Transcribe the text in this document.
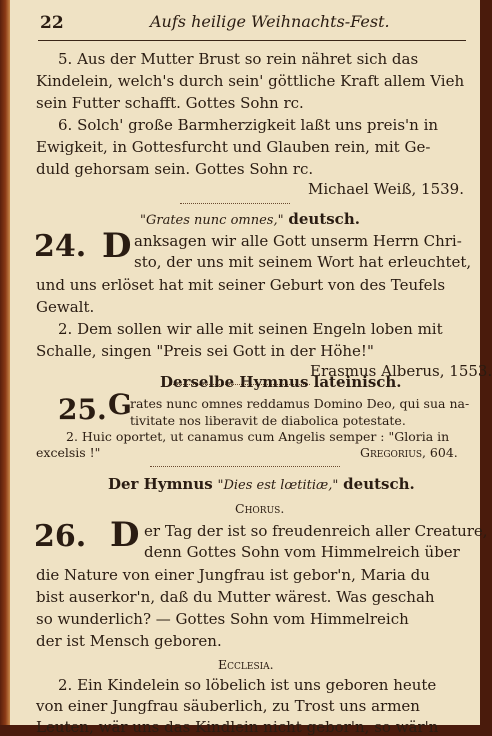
22	Aufs heilige Weihnachts-Fest.
5. Aus der Mutter Brust so rein nähret sich das
Kindelein, welch's durch sein' göttliche Kraft allem Vieh
sein Futter schafft. Gottes Sohn rc.
6. Solch' große Barmherzigkeit laßt uns preis'n in
Ewigkeit, in Gottesfurcht und Glauben rein, mit Ge-
duld gehorsam sein. Gottes Sohn rc.
Michael Weiß, 1539.
"Grates nunc omnes," deutsch.
24. D anksagen wir alle Gott unserm Herrn Chri-
sto, der uns mit seinem Wort hat erleuchtet,
und uns erlöset hat mit seiner Geburt von des Teufels
Gewalt.
2. Dem sollen wir alle mit seinen Engeln loben mit
Schalle, singen "Preis sei Gott in der Höhe!"
Erasmus Alberus, 1553.
Derselbe Hymnus lateinisch.
25. G
rates nunc omnes reddamus Domino Deo, qui sua na-
tivitate nos liberavit de diabolica potestate.
2. Huic oportet, ut canamus cum Angelis semper : "Gloria in
excelsis !"	Gregorius, 604.
Der Hymnus "Dies est lœtitiæ," deutsch.
Chorus.
26. D er Tag der ist so freudenreich aller Creature,
denn Gottes Sohn vom Himmelreich über
die Nature von einer Jungfrau ist gebor'n, Maria du
bist auserkor'n, daß du Mutter wärest. Was geschah
so wunderlich? — Gottes Sohn vom Himmelreich
der ist Mensch geboren.
Ecclesia.
2. Ein Kindelein so löbelich ist uns geboren heute
von einer Jungfrau säuberlich, zu Trost uns armen
Leuten, wär uns das Kindlein nicht gebor'n, so wär'n
